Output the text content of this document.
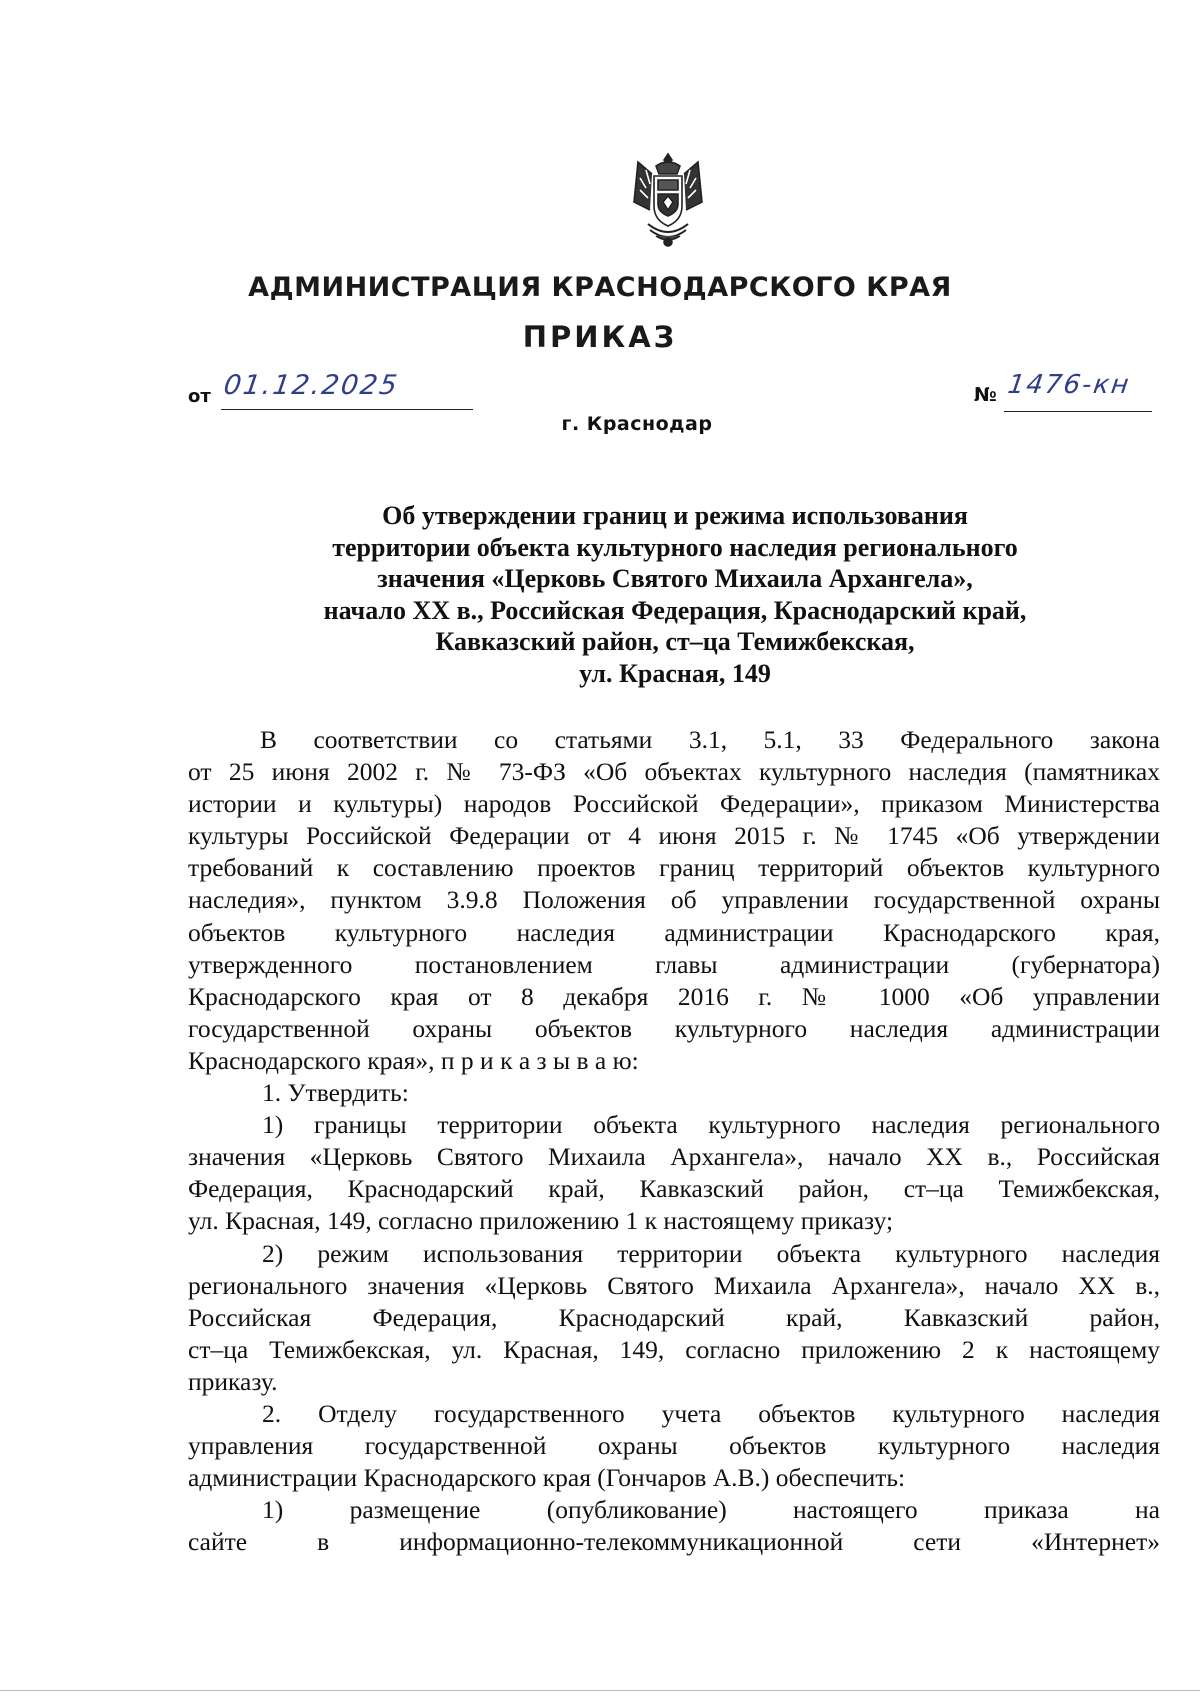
АДМИНИСТРАЦИЯ КРАСНОДАРСКОГО КРАЯ
ПРИКАЗ
от 01.12.2025	№ 1476-кн
г. Краснодар
Об утверждении границ и режима использования
территории объекта культурного наследия регионального
значения «Церковь Святого Михаила Архангела»,
начало XX в., Российская Федерация, Краснодарский край,
Кавказский район, ст–ца Темижбекская,
ул. Красная, 149
В соответствии со статьями 3.1, 5.1, 33 Федерального закона
от 25 июня 2002 г. № 73-ФЗ «Об объектах культурного наследия (памятниках
истории и культуры) народов Российской Федерации», приказом Министерства
культуры Российской Федерации от 4 июня 2015 г. № 1745 «Об утверждении
требований к составлению проектов границ территорий объектов культурного
наследия», пунктом 3.9.8 Положения об управлении государственной охраны
объектов культурного наследия администрации Краснодарского края,
утвержденного постановлением главы администрации (губернатора)
Краснодарского края от 8 декабря 2016 г. № 1000 «Об управлении
государственной охраны объектов культурного наследия администрации
Краснодарского края», п р и к а з ы в а ю:
1. Утвердить:
1) границы территории объекта культурного наследия регионального
значения «Церковь Святого Михаила Архангела», начало XX в., Российская
Федерация, Краснодарский край, Кавказский район, ст–ца Темижбекская,
ул. Красная, 149, согласно приложению 1 к настоящему приказу;
2) режим использования территории объекта культурного наследия
регионального значения «Церковь Святого Михаила Архангела», начало XX в.,
Российская Федерация, Краснодарский край, Кавказский район,
ст–ца Темижбекская, ул. Красная, 149, согласно приложению 2 к настоящему
приказу.
2. Отделу государственного учета объектов культурного наследия
управления государственной охраны объектов культурного наследия
администрации Краснодарского края (Гончаров А.В.) обеспечить:
1) размещение (опубликование) настоящего приказа на
сайте в информационно-телекоммуникационной сети «Интернет»
